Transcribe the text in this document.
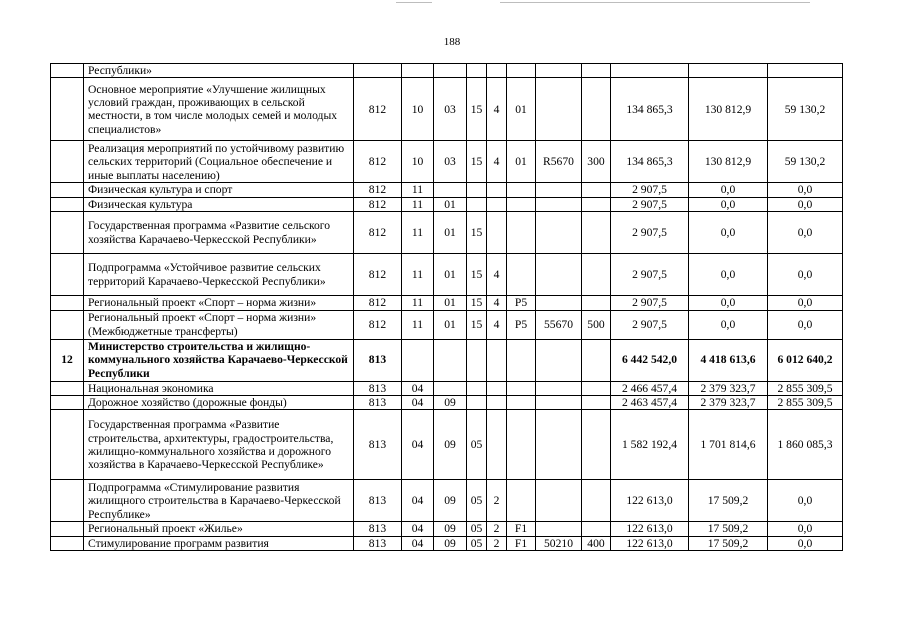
188
	Республики»											
	Основное мероприятие «Улучшение жилищных условий граждан, проживающих в сельской местности, в том числе молодых семей и молодых специалистов»	812	10	03	15	4	01			134 865,3	130 812,9	59 130,2
	Реализация мероприятий по устойчивому развитию сельских территорий (Социальное обеспечение и иные выплаты населению)	812	10	03	15	4	01	R5670	300	134 865,3	130 812,9	59 130,2
	Физическая культура и спорт	812	11							2 907,5	0,0	0,0
	Физическая культура	812	11	01						2 907,5	0,0	0,0
	Государственная программа «Развитие сельского хозяйства Карачаево-Черкесской Республики»	812	11	01	15					2 907,5	0,0	0,0
	Подпрограмма «Устойчивое развитие сельских территорий Карачаево-Черкесской Республики»	812	11	01	15	4				2 907,5	0,0	0,0
	Региональный проект «Спорт – норма жизни»	812	11	01	15	4	P5			2 907,5	0,0	0,0
	Региональный проект «Спорт – норма жизни» (Межбюджетные трансферты)	812	11	01	15	4	P5	55670	500	2 907,5	0,0	0,0
12	Министерство строительства и жилищно-коммунального хозяйства Карачаево-Черкесской Республики	813								6 442 542,0	4 418 613,6	6 012 640,2
	Национальная экономика	813	04							2 466 457,4	2 379 323,7	2 855 309,5
	Дорожное хозяйство (дорожные фонды)	813	04	09						2 463 457,4	2 379 323,7	2 855 309,5
	Государственная программа «Развитие строительства, архитектуры, градостроительства, жилищно-коммунального хозяйства и дорожного хозяйства в Карачаево-Черкесской Республике»	813	04	09	05					1 582 192,4	1 701 814,6	1 860 085,3
	Подпрограмма «Стимулирование развития жилищного строительства в Карачаево-Черкесской Республике»	813	04	09	05	2				122 613,0	17 509,2	0,0
	Региональный проект «Жилье»	813	04	09	05	2	F1			122 613,0	17 509,2	0,0
	Стимулирование программ развития	813	04	09	05	2	F1	50210	400	122 613,0	17 509,2	0,0
